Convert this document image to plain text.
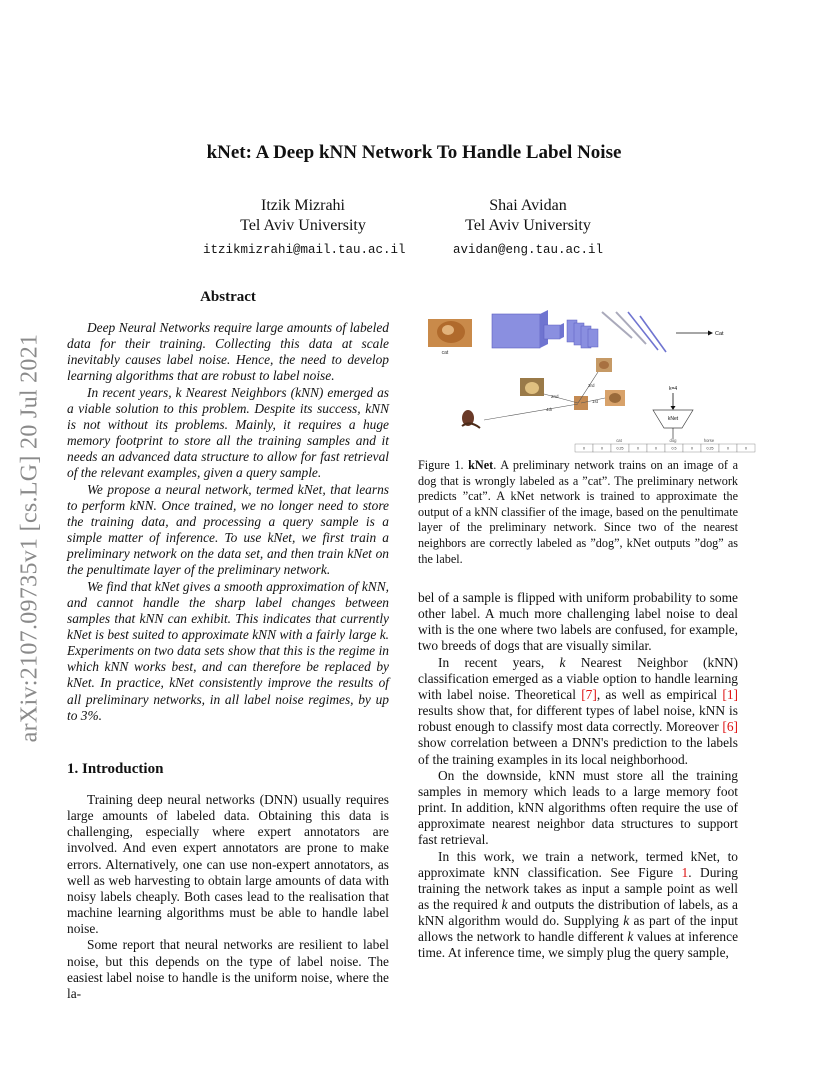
kNet: A Deep kNN Network To Handle Label Noise
Itzik Mizrahi
Tel Aviv University
itzikmizrahi@mail.tau.ac.il
Shai Avidan
Tel Aviv University
avidan@eng.tau.ac.il
arXiv:2107.09735v1 [cs.LG] 20 Jul 2021
Abstract

Deep Neural Networks require large amounts of labeled data for their training. Collecting this data at scale inevitably causes label noise. Hence, the need to develop learning algorithms that are robust to label noise.

In recent years, k Nearest Neighbors (kNN) emerged as a viable solution to this problem. Despite its success, kNN is not without its problems. Mainly, it requires a huge memory footprint to store all the training samples and it needs an advanced data structure to allow for fast retrieval of the relevant examples, given a query sample.

We propose a neural network, termed kNet, that learns to perform kNN. Once trained, we no longer need to store the training data, and processing a query sample is a simple matter of inference. To use kNet, we first train a preliminary network on the data set, and then train kNet on the penultimate layer of the preliminary network.

We find that kNet gives a smooth approximation of kNN, and cannot handle the sharp label changes between samples that kNN can exhibit. This indicates that currently kNet is best suited to approximate kNN with a fairly large k. Experiments on two data sets show that this is the regime in which kNN works best, and can therefore be replaced by kNet. In practice, kNet consistently improve the results of all preliminary networks, in all label noise regimes, by up to 3%.

1. Introduction

Training deep neural networks (DNN) usually requires large amounts of labeled data. Obtaining this data is challenging, especially where expert annotators are involved. And even expert annotators are prone to make errors. Alternatively, one can use non-expert annotators, as well as web harvesting to obtain large amounts of data with noisy labels cheaply. Both cases lead to the realisation that machine learning algorithms must be able to handle label noise.

Some report that neural networks are resilient to label noise, but this depends on the type of label noise. The easiest label noise to handle is the uniform noise, where the la-

cat
Cat
2nd
3rd
1st
4th
k=4
kNet
cat	dog	horse
0	0	0.25	0	0	0.5	0	0.25	0	0
Figure 1. kNet. A preliminary network trains on an image of a dog that is wrongly labeled as a ”cat”. The preliminary network predicts ”cat”. A kNet network is trained to approximate the output of a kNN classifier of the image, based on the penultimate layer of the preliminary network. Since two of the nearest neighbors are correctly labeled as ”dog”, kNet outputs ”dog” as the label.

bel of a sample is flipped with uniform probability to some other label. A much more challenging label noise to deal with is the one where two labels are confused, for example, two breeds of dogs that are visually similar.

In recent years, k Nearest Neighbor (kNN) classification emerged as a viable option to handle learning with label noise. Theoretical [7], as well as empirical [1] results show that, for different types of label noise, kNN is robust enough to classify most data correctly. Moreover [6] show correlation between a DNN's prediction to the labels of the training examples in its local neighborhood.

On the downside, kNN must store all the training samples in memory which leads to a large memory foot print. In addition, kNN algorithms often require the use of approximate nearest neighbor data structures to support fast retrieval.

In this work, we train a network, termed kNet, to approximate kNN classification. See Figure 1. During training the network takes as input a sample point as well as the required k and outputs the distribution of labels, as a kNN algorithm would do. Supplying k as part of the input allows the network to handle different k values at inference time. At inference time, we simply plug the query sample,
